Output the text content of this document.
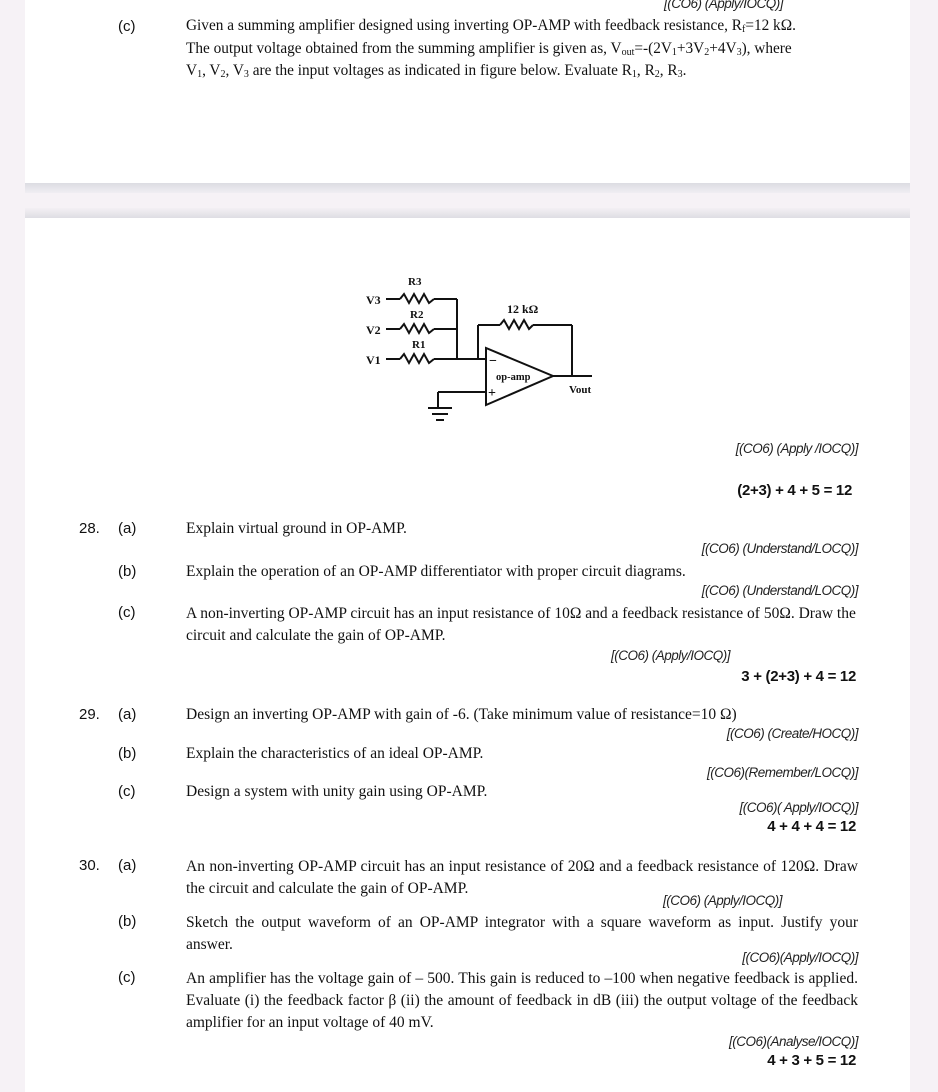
[(CO6) (Apply/IOCQ)]
(c)	Given a summing amplifier designed using inverting OP-AMP with feedback resistance, $R_f=12$ kΩ.
The output voltage obtained from the summing amplifier is given as, $V_{out}=-(2V_1+3V_2+4V_3)$, where
$V_1$, $V_2$, $V_3$ are the input voltages as indicated in figure below. Evaluate $R_1$, $R_2$, $R_3$.
V3
V2
V1
R3
R2
R1
12 kΩ
op-amp
−
+	Vout
[(CO6) (Apply /IOCQ)]
(2+3) + 4 + 5 = 12
28. (a)	Explain virtual ground in OP-AMP.
[(CO6) (Understand/LOCQ)]
(b)	Explain the operation of an OP-AMP differentiator with proper circuit diagrams.
[(CO6) (Understand/LOCQ)]
(c)	A non-inverting OP-AMP circuit has an input resistance of 10Ω and a feedback resistance of 50Ω. Draw the circuit and calculate the gain of OP-AMP.
[(CO6) (Apply/IOCQ)]
3 + (2+3) + 4 = 12
29. (a)	Design an inverting OP-AMP with gain of -6. (Take minimum value of resistance=10 Ω)
[(CO6) (Create/HOCQ)]
(b)	Explain the characteristics of an ideal OP-AMP.
[(CO6)(Remember/LOCQ)]
(c)	Design a system with unity gain using OP-AMP.
[(CO6)( Apply/IOCQ)]
4 + 4 + 4 = 12
30. (a)	An non-inverting OP-AMP circuit has an input resistance of 20Ω and a feedback resistance of 120Ω. Draw the circuit and calculate the gain of OP-AMP.
[(CO6) (Apply/IOCQ)]
(b)	Sketch the output waveform of an OP-AMP integrator with a square waveform as input. Justify your answer.
[(CO6)(Apply/IOCQ)]
(c)	An amplifier has the voltage gain of – 500. This gain is reduced to –100 when negative feedback is applied. Evaluate (i) the feedback factor β (ii) the amount of feedback in dB (iii) the output voltage of the feedback amplifier for an input voltage of 40 mV.
[(CO6)(Analyse/IOCQ)]
4 + 3 + 5 = 12
